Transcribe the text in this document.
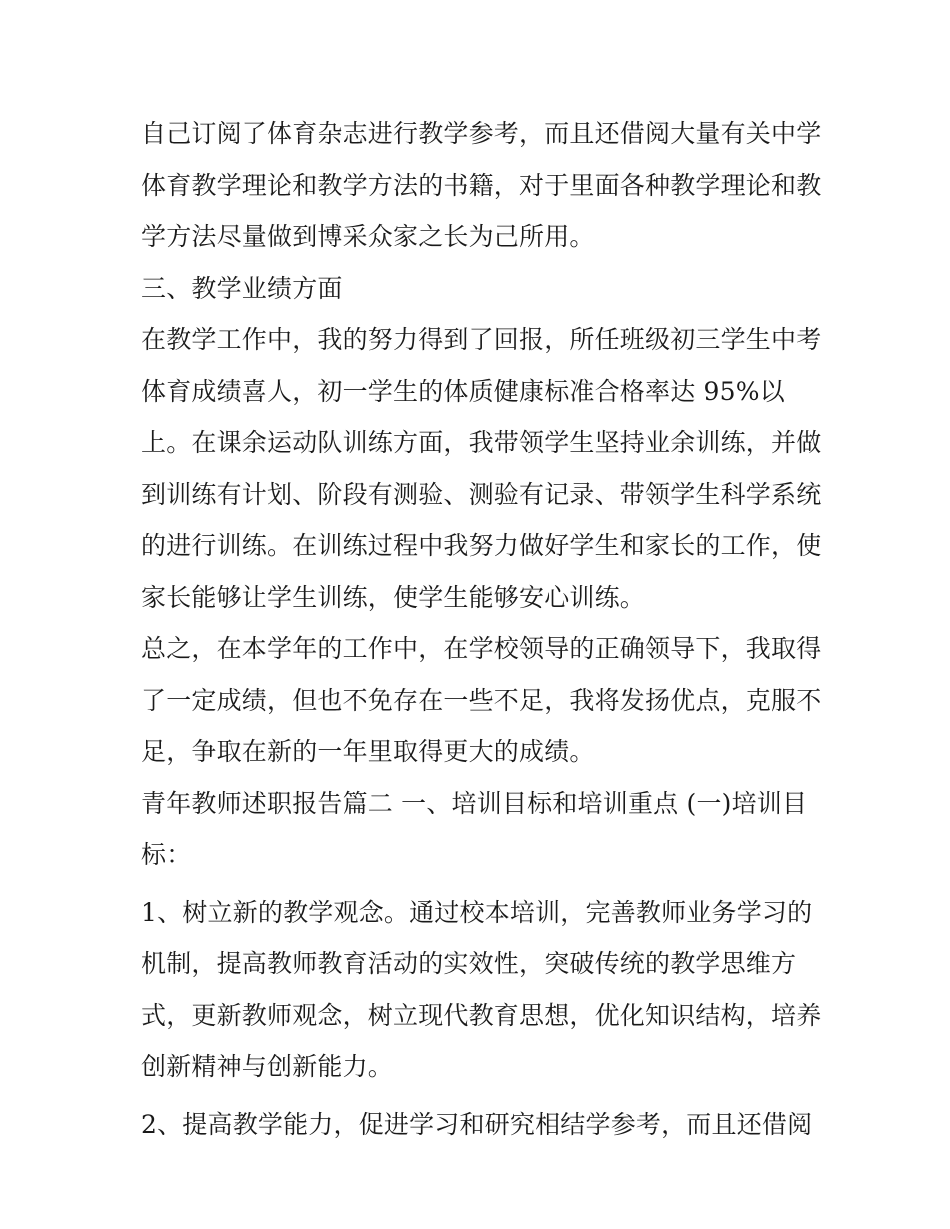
自己订阅了体育杂志进行教学参考，而且还借阅大量有关中学
体育教学理论和教学方法的书籍，对于里面各种教学理论和教
学方法尽量做到博采众家之长为己所用。
三、教学业绩方面
在教学工作中，我的努力得到了回报，所任班级初三学生中考
体育成绩喜人，初一学生的体质健康标准合格率达 95%以
上。在课余运动队训练方面，我带领学生坚持业余训练，并做
到训练有计划、阶段有测验、测验有记录、带领学生科学系统
的进行训练。在训练过程中我努力做好学生和家长的工作，使
家长能够让学生训练，使学生能够安心训练。
总之，在本学年的工作中，在学校领导的正确领导下，我取得
了一定成绩，但也不免存在一些不足，我将发扬优点，克服不
足，争取在新的一年里取得更大的成绩。
青年教师述职报告篇二 一、培训目标和培训重点 (一)培训目
标：
1、树立新的教学观念。通过校本培训，完善教师业务学习的
机制，提高教师教育活动的实效性，突破传统的教学思维方
式，更新教师观念，树立现代教育思想，优化知识结构，培养
创新精神与创新能力。
2、提高教学能力，促进学习和研究相结学参考，而且还借阅
